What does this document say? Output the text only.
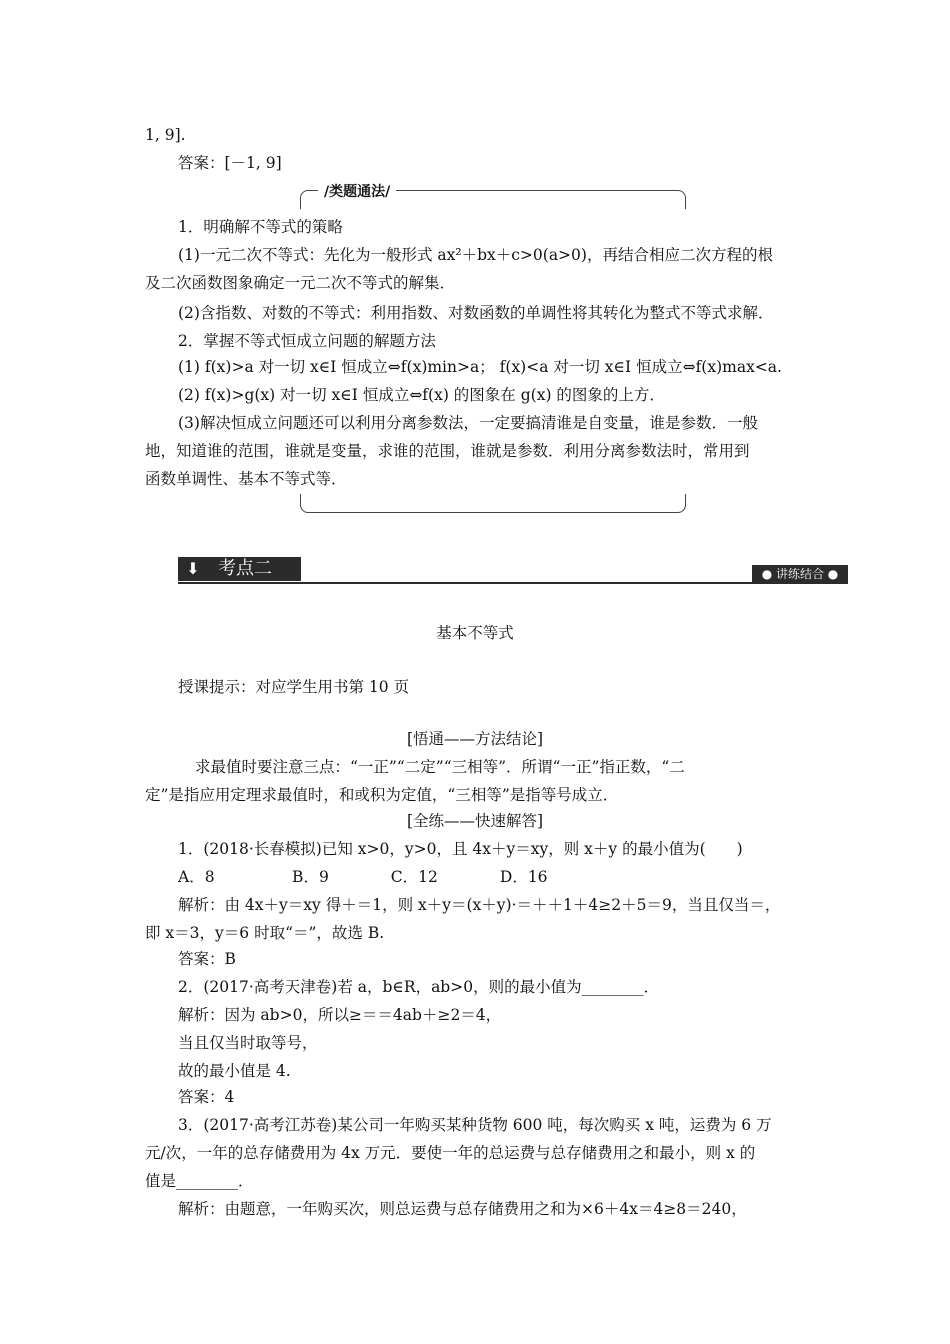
1, 9].
答案：[－1, 9]
/类题通法/
1．明确解不等式的策略
(1)一元二次不等式：先化为一般形式 ax²＋bx＋c>0(a>0)，再结合相应二次方程的根
及二次函数图象确定一元二次不等式的解集．
(2)含指数、对数的不等式：利用指数、对数函数的单调性将其转化为整式不等式求解．
2．掌握不等式恒成立问题的解题方法
(1) f(x)>a 对一切 x∈I 恒成立⇔f(x)min>a； f(x)<a 对一切 x∈I 恒成立⇔f(x)max<a.
(2) f(x)>g(x) 对一切 x∈I 恒成立⇔f(x) 的图象在 g(x) 的图象的上方．
(3)解决恒成立问题还可以利用分离参数法，一定要搞清谁是自变量，谁是参数．一般
地，知道谁的范围，谁就是变量，求谁的范围，谁就是参数．利用分离参数法时，常用到
函数单调性、基本不等式等．
⬇ 考点二	● 讲练结合 ●
基本不等式
授课提示：对应学生用书第 10 页
[悟通——方法结论]
求最值时要注意三点：“一正”“二定”“三相等”．所谓“一正”指正数，“二
定”是指应用定理求最值时，和或积为定值，“三相等”是指等号成立．
[全练——快速解答]
1．(2018·长春模拟)已知 x>0，y>0，且 4x＋y＝xy，则 x＋y 的最小值为(　　)
A．8　　　　　B．9　　　　C．12　　　　D．16
解析：由 4x＋y＝xy 得＋＝1，则 x＋y＝(x＋y)·＝＋＋1＋4≥2＋5＝9，当且仅当＝，
即 x＝3，y＝6 时取“＝”，故选 B.
答案：B
2．(2017·高考天津卷)若 a，b∈R，ab>0，则的最小值为________．
解析：因为 ab>0，所以≥＝＝4ab＋≥2＝4，
当且仅当时取等号，
故的最小值是 4.
答案：4
3．(2017·高考江苏卷)某公司一年购买某种货物 600 吨，每次购买 x 吨，运费为 6 万
元/次，一年的总存储费用为 4x 万元．要使一年的总运费与总存储费用之和最小，则 x 的
值是________．
解析：由题意，一年购买次，则总运费与总存储费用之和为×6＋4x＝4≥8＝240，
